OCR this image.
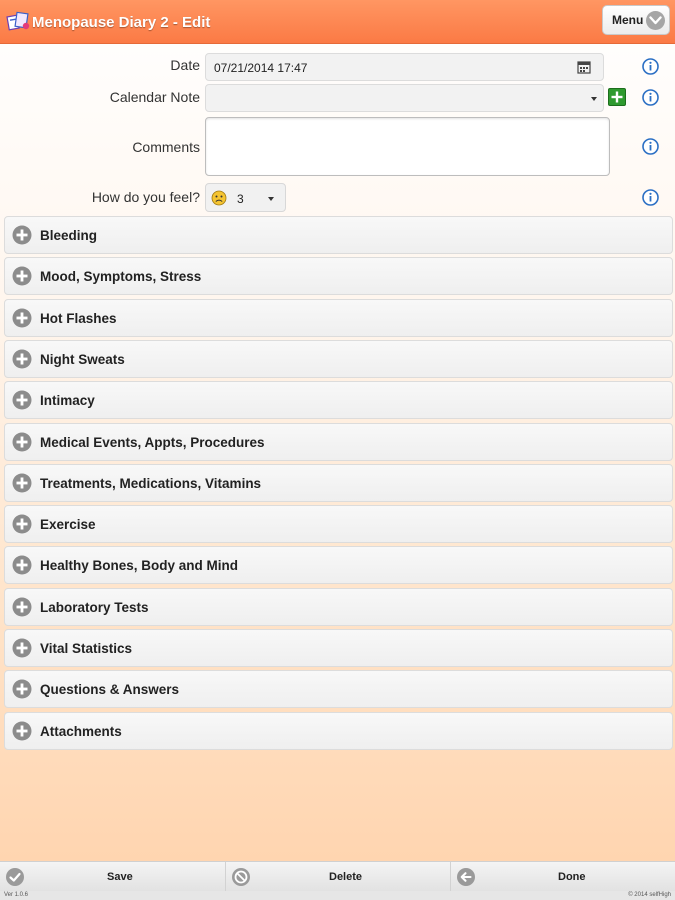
Menopause Diary 2 - Edit	Menu
Date	07/21/2014 17:47
Calendar Note
Comments
How do you feel?	3
Bleeding
Mood, Symptoms, Stress
Hot Flashes
Night Sweats
Intimacy
Medical Events, Appts, Procedures
Treatments, Medications, Vitamins
Exercise
Healthy Bones, Body and Mind
Laboratory Tests
Vital Statistics
Questions & Answers
Attachments
Save	Delete	Done
Ver 1.0.6	© 2014 selfHigh
